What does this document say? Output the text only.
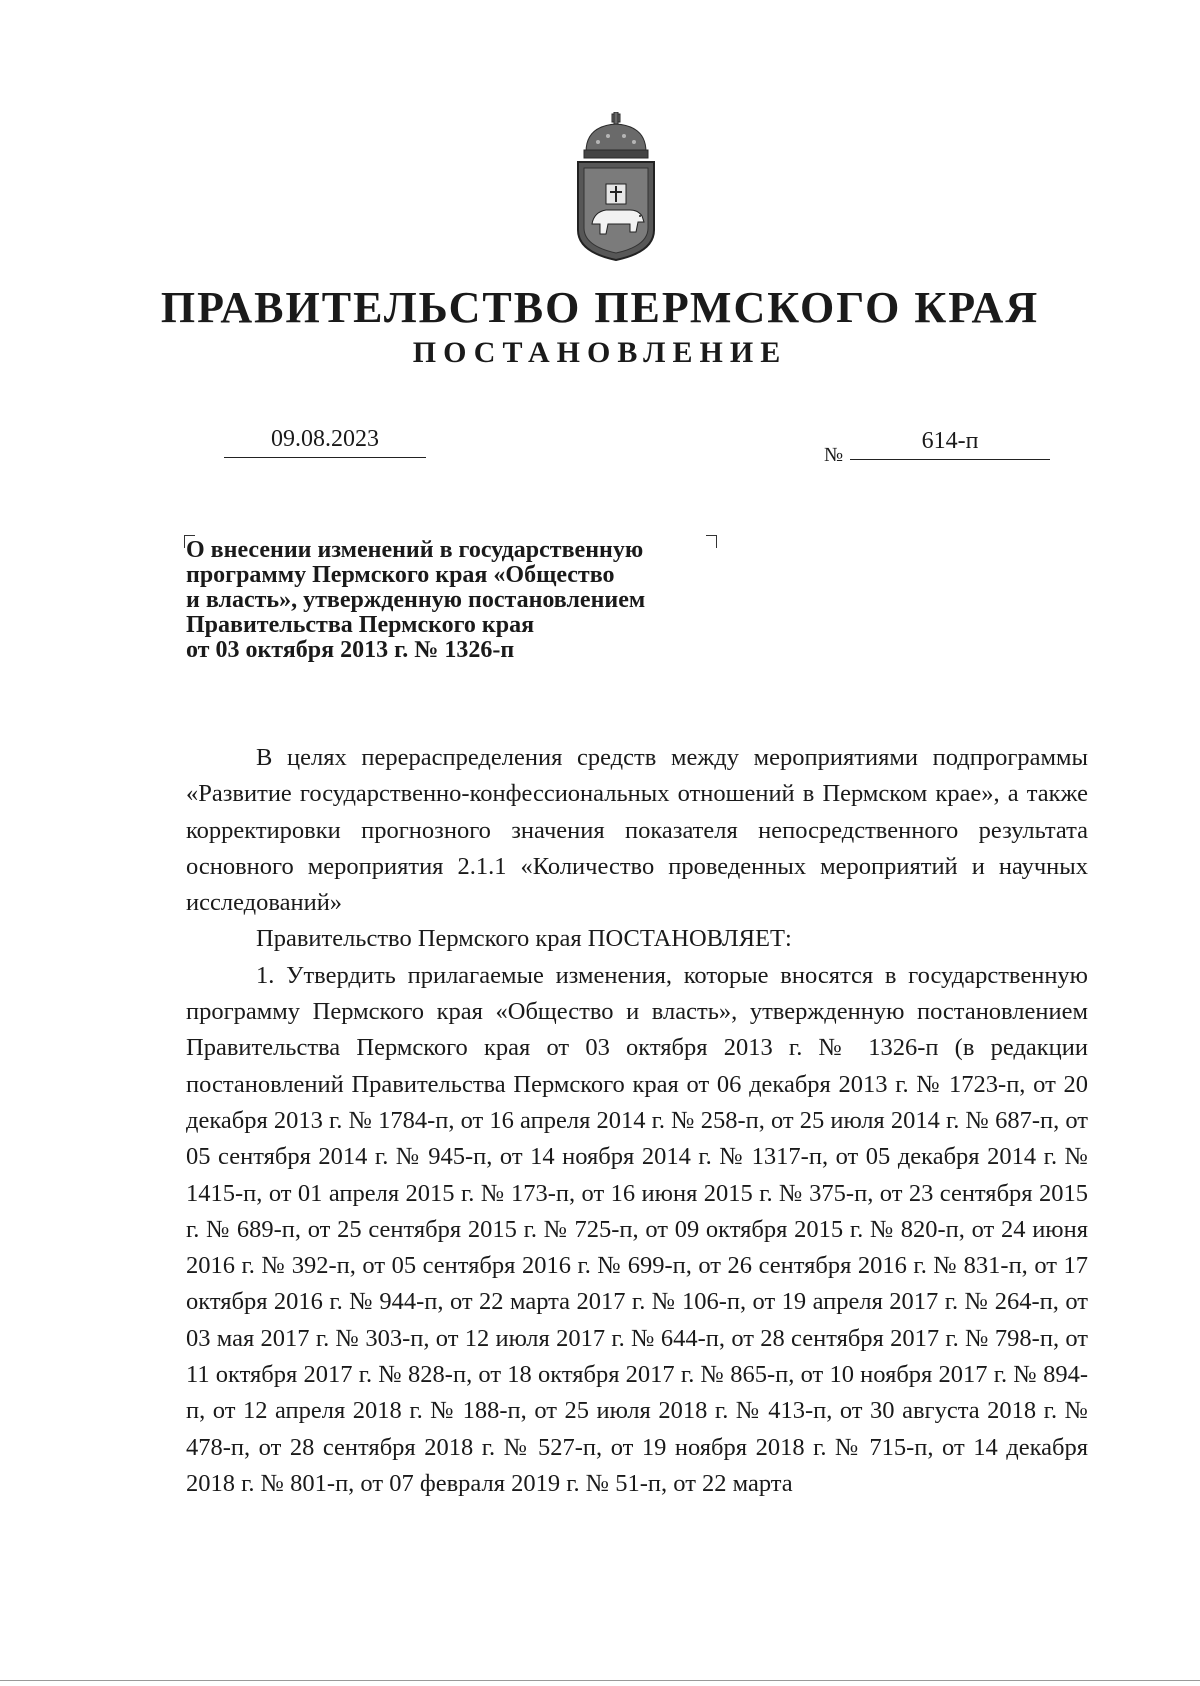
ПРАВИТЕЛЬСТВО ПЕРМСКОГО КРАЯ
ПОСТАНОВЛЕНИЕ
09.08.2023
№
614-п
О внесении изменений в государственную
программу Пермского края «Общество
и власть», утвержденную постановлением
Правительства Пермского края
от 03 октября 2013 г. № 1326-п

В целях перераспределения средств между мероприятиями подпрограммы «Развитие государственно-конфессиональных отношений в Пермском крае», а также корректировки прогнозного значения показателя непосредственного результата основного мероприятия 2.1.1 «Количество проведенных мероприятий и научных исследований»

Правительство Пермского края ПОСТАНОВЛЯЕТ:

1. Утвердить прилагаемые изменения, которые вносятся в государственную программу Пермского края «Общество и власть», утвержденную постановлением Правительства Пермского края от 03 октября 2013 г. № 1326-п (в редакции постановлений Правительства Пермского края от 06 декабря 2013 г. № 1723-п, от 20 декабря 2013 г. № 1784-п, от 16 апреля 2014 г. № 258-п, от 25 июля 2014 г. № 687-п, от 05 сентября 2014 г. № 945-п, от 14 ноября 2014 г. № 1317-п, от 05 декабря 2014 г. № 1415-п, от 01 апреля 2015 г. № 173-п, от 16 июня 2015 г. № 375-п, от 23 сентября 2015 г. № 689-п, от 25 сентября 2015 г. № 725-п, от 09 октября 2015 г. № 820-п, от 24 июня 2016 г. № 392-п, от 05 сентября 2016 г. № 699-п, от 26 сентября 2016 г. № 831-п, от 17 октября 2016 г. № 944-п, от 22 марта 2017 г. № 106-п, от 19 апреля 2017 г. № 264-п, от 03 мая 2017 г. № 303-п, от 12 июля 2017 г. № 644-п, от 28 сентября 2017 г. № 798-п, от 11 октября 2017 г. № 828-п, от 18 октября 2017 г. № 865-п, от 10 ноября 2017 г. № 894-п, от 12 апреля 2018 г. № 188-п, от 25 июля 2018 г. № 413-п, от 30 августа 2018 г. № 478-п, от 28 сентября 2018 г. № 527-п, от 19 ноября 2018 г. № 715-п, от 14 декабря 2018 г. № 801-п, от 07 февраля 2019 г. № 51-п, от 22 марта
